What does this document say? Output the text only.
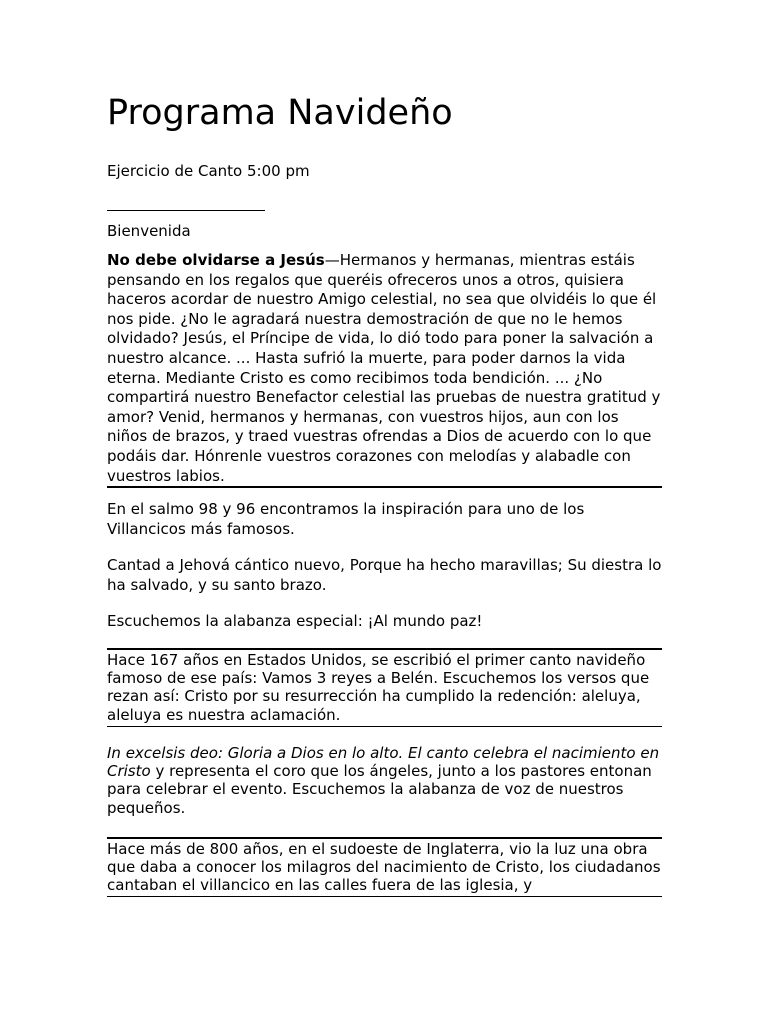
Programa Navideño
Ejercicio de Canto 5:00 pm
Bienvenida
No debe olvidarse a Jesús—Hermanos y hermanas, mientras estáis pensando en los regalos que queréis ofreceros unos a otros, quisiera haceros acordar de nuestro Amigo celestial, no sea que olvidéis lo que él nos pide. ¿No le agradará nuestra demostración de que no le hemos olvidado? Jesús, el Príncipe de vida, lo dió todo para poner la salvación a nuestro alcance. ... Hasta sufrió la muerte, para poder darnos la vida eterna. Mediante Cristo es como recibimos toda bendición. ... ¿No compartirá nuestro Benefactor celestial las pruebas de nuestra gratitud y amor? Venid, hermanos y hermanas, con vuestros hijos, aun con los niños de brazos, y traed vuestras ofrendas a Dios de acuerdo con lo que podáis dar. Hónrenle vuestros corazones con melodías y alabadle con vuestros labios.
En el salmo 98 y 96 encontramos la inspiración para uno de los Villancicos más famosos.
Cantad a Jehová cántico nuevo, Porque ha hecho maravillas; Su diestra lo ha salvado, y su santo brazo.
Escuchemos la alabanza especial: ¡Al mundo paz!
Hace 167 años en Estados Unidos, se escribió el primer canto navideño famoso de ese país: Vamos 3 reyes a Belén. Escuchemos los versos que rezan así: Cristo por su resurrección ha cumplido la redención: aleluya, aleluya es nuestra aclamación.
In excelsis deo: Gloria a Dios en lo alto. El canto celebra el nacimiento en Cristo y representa el coro que los ángeles, junto a los pastores entonan para celebrar el evento. Escuchemos la alabanza de voz de nuestros pequeños.
Hace más de 800 años, en el sudoeste de Inglaterra, vio la luz una obra que daba a conocer los milagros del nacimiento de Cristo, los ciudadanos cantaban el villancico en las calles fuera de las iglesia, y
